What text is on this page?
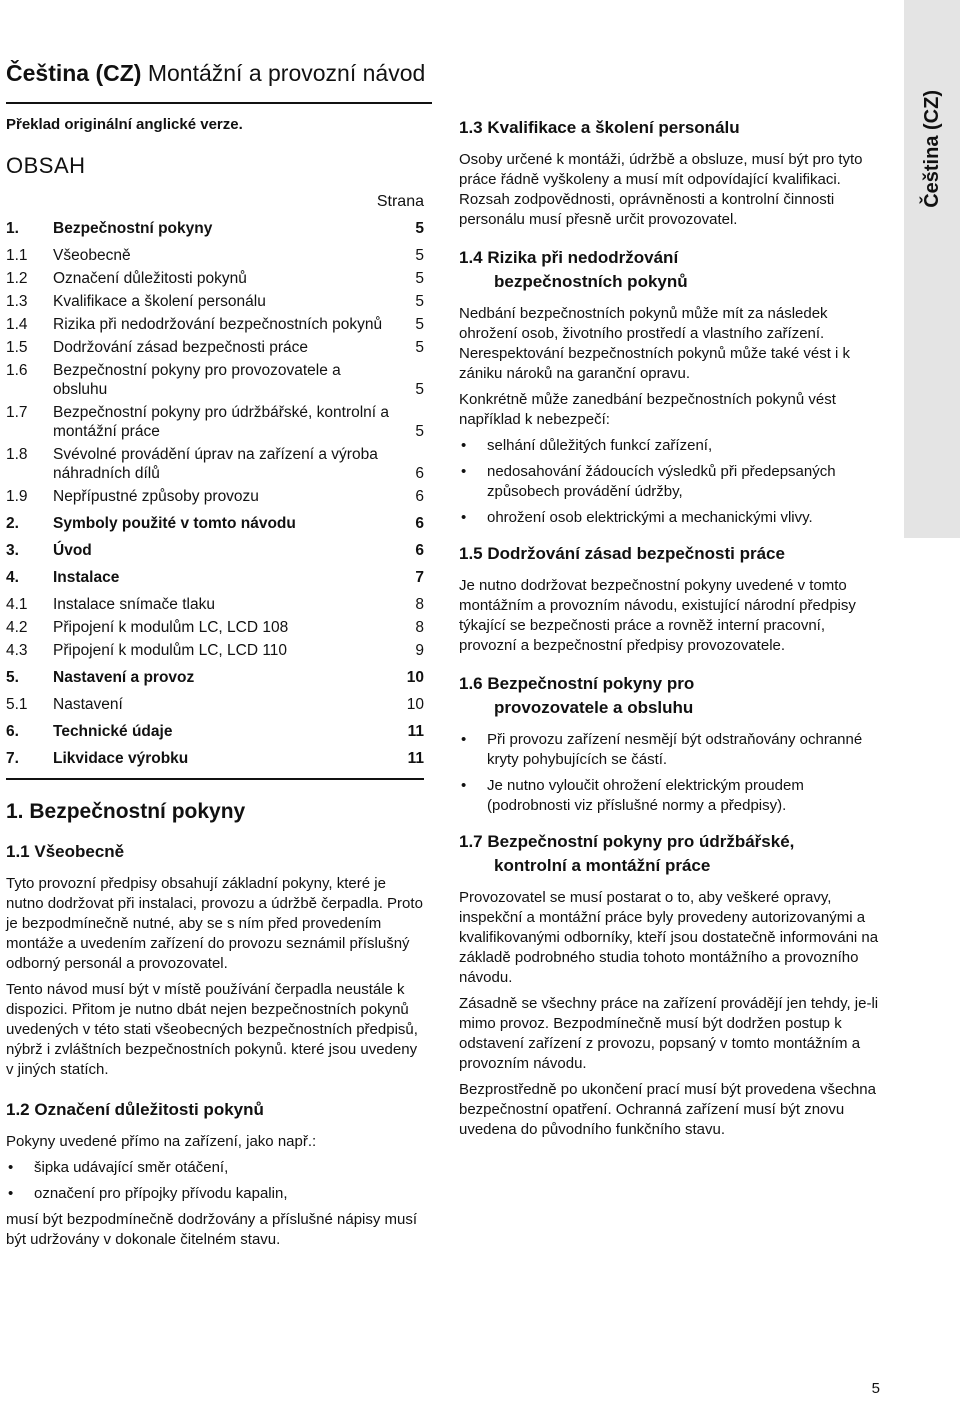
Čeština (CZ) Montážní a provozní návod
Překlad originální anglické verze.
OBSAH
Strana
1.	Bezpečnostní pokyny	5
1.1	Všeobecně	5
1.2	Označení důležitosti pokynů	5
1.3	Kvalifikace a školení personálu	5
1.4	Rizika při nedodržování bezpečnostních pokynů	5
1.5	Dodržování zásad bezpečnosti práce	5
1.6	Bezpečnostní pokyny pro provozovatele a obsluhu	5
1.7	Bezpečnostní pokyny pro údržbářské, kontrolní a montážní práce	5
1.8	Svévolné provádění úprav na zařízení a výroba náhradních dílů	6
1.9	Nepřípustné způsoby provozu	6
2.	Symboly použité v tomto návodu	6
3.	Úvod	6
4.	Instalace	7
4.1	Instalace snímače tlaku	8
4.2	Připojení k modulům LC, LCD 108	8
4.3	Připojení k modulům LC, LCD 110	9
5.	Nastavení a provoz	10
5.1	Nastavení	10
6.	Technické údaje	11
7.	Likvidace výrobku	11
1. Bezpečnostní pokyny
1.1 Všeobecně

Tyto provozní předpisy obsahují základní pokyny, které je nutno dodržovat při instalaci, provozu a údržbě čerpadla. Proto je bezpodmínečně nutné, aby se s ním před provedením montáže a uvedením zařízení do provozu seznámil příslušný odborný personál a provozovatel.

Tento návod musí být v místě používání čerpadla neustále k dispozici. Přitom je nutno dbát nejen bezpečnostních pokynů uvedených v této stati všeobecných bezpečnostních předpisů, nýbrž i zvláštních bezpečnostních pokynů. které jsou uvedeny v jiných statích.

1.2 Označení důležitosti pokynů

Pokyny uvedené přímo na zařízení, jako např.:

• šipka udávající směr otáčení,
• označení pro přípojky přívodu kapalin,

musí být bezpodmínečně dodržovány a příslušné nápisy musí být udržovány v dokonale čitelném stavu.

1.3 Kvalifikace a školení personálu

Osoby určené k montáži, údržbě a obsluze, musí být pro tyto práce řádně vyškoleny a musí mít odpovídající kvalifikaci. Rozsah zodpovědnosti, oprávněnosti a kontrolní činnosti personálu musí přesně určit provozovatel.

1.4 Rizika při nedodržování
bezpečnostních pokynů

Nedbání bezpečnostních pokynů může mít za následek ohrožení osob, životního prostředí a vlastního zařízení. Nerespektování bezpečnostních pokynů může také vést i k zániku nároků na garanční opravu.

Konkrétně může zanedbání bezpečnostních pokynů vést například k nebezpečí:

• selhání důležitých funkcí zařízení,
• nedosahování žádoucích výsledků při předepsaných způsobech provádění údržby,
• ohrožení osob elektrickými a mechanickými vlivy.
1.5 Dodržování zásad bezpečnosti práce

Je nutno dodržovat bezpečnostní pokyny uvedené v tomto montážním a provozním návodu, existující národní předpisy týkající se bezpečnosti práce a rovněž interní pracovní, provozní a bezpečnostní předpisy provozovatele.

1.6 Bezpečnostní pokyny pro
provozovatele a obsluhu
• Při provozu zařízení nesmějí být odstraňovány ochranné kryty pohybujících se částí.
• Je nutno vyloučit ohrožení elektrickým proudem (podrobnosti viz příslušné normy a předpisy).
1.7 Bezpečnostní pokyny pro údržbářské,
kontrolní a montážní práce

Provozovatel se musí postarat o to, aby veškeré opravy, inspekční a montážní práce byly provedeny autorizovanými a kvalifikovanými odborníky, kteří jsou dostatečně informováni na základě podrobného studia tohoto montážního a provozního návodu.

Zásadně se všechny práce na zařízení provádějí jen tehdy, je-li mimo provoz. Bezpodmínečně musí být dodržen postup k odstavení zařízení z provozu, popsaný v tomto montážním a provozním návodu.

Bezprostředně po ukončení prací musí být provedena všechna bezpečnostní opatření. Ochranná zařízení musí být znovu uvedena do původního funkčního stavu.

Čeština (CZ)
5
